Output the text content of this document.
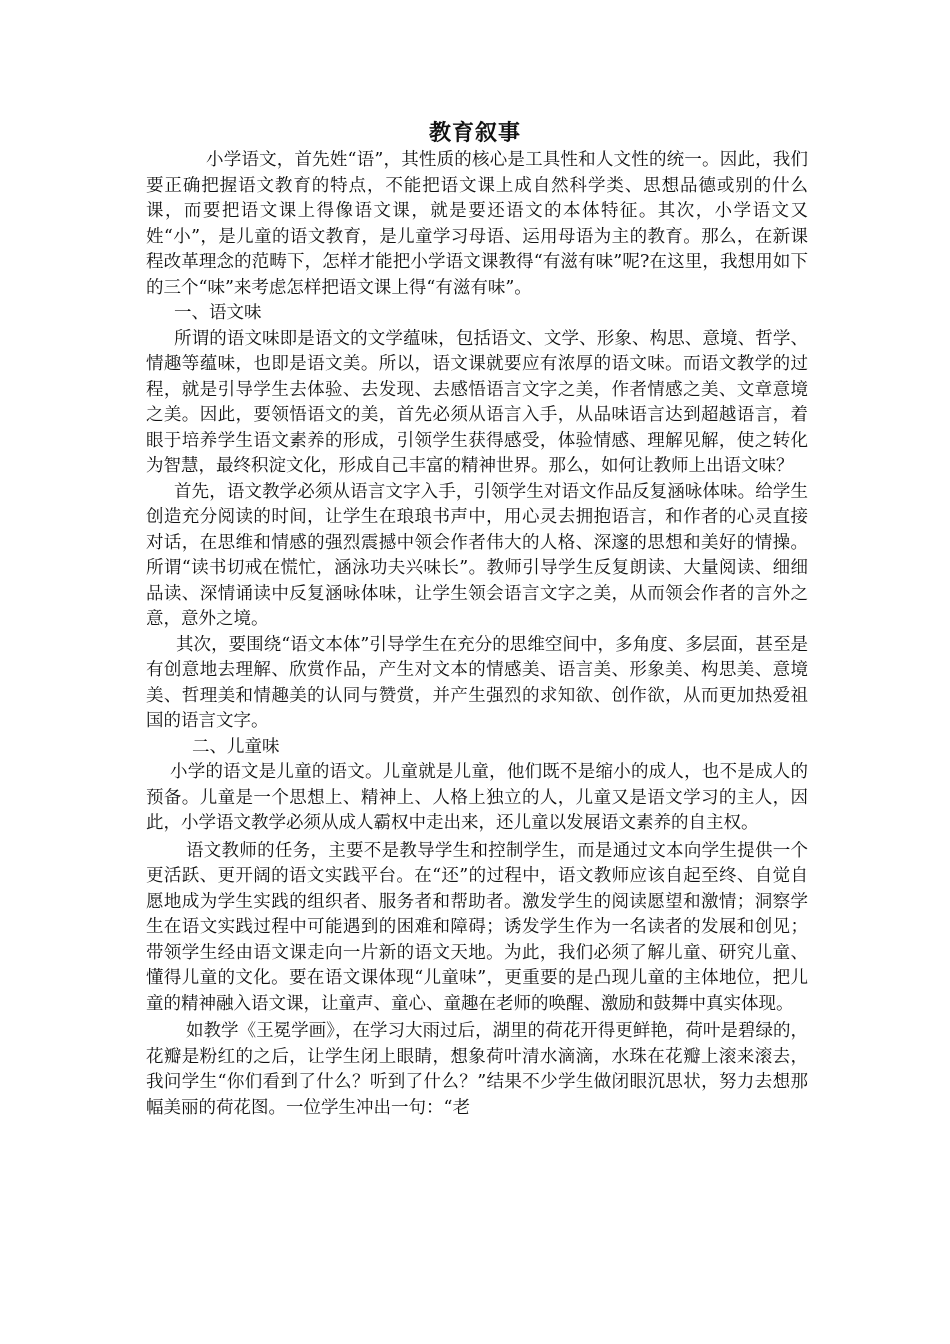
教育叙事

小学语文，首先姓“语”，其性质的核心是工具性和人文性的统一。因此，我们要正确把握语文教育的特点，不能把语文课上成自然科学类、思想品德或别的什么课，而要把语文课上得像语文课，就是要还语文的本体特征。其次，小学语文又姓“小”，是儿童的语文教育，是儿童学习母语、运用母语为主的教育。那么，在新课程改革理念的范畴下，怎样才能把小学语文课教得“有滋有味”呢?在这里，我想用如下的三个“味”来考虑怎样把语文课上得“有滋有味”。

一、语文味

所谓的语文味即是语文的文学蕴味，包括语文、文学、形象、构思、意境、哲学、情趣等蕴味，也即是语文美。所以，语文课就要应有浓厚的语文味。而语文教学的过程，就是引导学生去体验、去发现、去感悟语言文字之美，作者情感之美、文章意境之美。因此，要领悟语文的美，首先必须从语言入手，从品味语言达到超越语言，着眼于培养学生语文素养的形成，引领学生获得感受，体验情感、理解见解，使之转化为智慧，最终积淀文化，形成自己丰富的精神世界。那么，如何让教师上出语文味？

首先，语文教学必须从语言文字入手，引领学生对语文作品反复涵咏体味。给学生创造充分阅读的时间，让学生在琅琅书声中，用心灵去拥抱语言，和作者的心灵直接对话，在思维和情感的强烈震撼中领会作者伟大的人格、深邃的思想和美好的情操。所谓“读书切戒在慌忙，涵泳功夫兴味长”。教师引导学生反复朗读、大量阅读、细细品读、深情诵读中反复涵咏体味，让学生领会语言文字之美，从而领会作者的言外之意，意外之境。

其次，要围绕“语文本体”引导学生在充分的思维空间中，多角度、多层面，甚至是有创意地去理解、欣赏作品，产生对文本的情感美、语言美、形象美、构思美、意境美、哲理美和情趣美的认同与赞赏，并产生强烈的求知欲、创作欲，从而更加热爱祖国的语言文字。

二、儿童味

小学的语文是儿童的语文。儿童就是儿童，他们既不是缩小的成人，也不是成人的预备。儿童是一个思想上、精神上、人格上独立的人，儿童又是语文学习的主人，因此，小学语文教学必须从成人霸权中走出来，还儿童以发展语文素养的自主权。

语文教师的任务，主要不是教导学生和控制学生，而是通过文本向学生提供一个更活跃、更开阔的语文实践平台。在“还”的过程中，语文教师应该自起至终、自觉自愿地成为学生实践的组织者、服务者和帮助者。激发学生的阅读愿望和激情；洞察学生在语文实践过程中可能遇到的困难和障碍；诱发学生作为一名读者的发展和创见；带领学生经由语文课走向一片新的语文天地。为此，我们必须了解儿童、研究儿童、懂得儿童的文化。要在语文课体现“儿童味”，更重要的是凸现儿童的主体地位，把儿童的精神融入语文课，让童声、童心、童趣在老师的唤醒、激励和鼓舞中真实体现。

如教学《王冕学画》，在学习大雨过后，湖里的荷花开得更鲜艳，荷叶是碧绿的，花瓣是粉红的之后，让学生闭上眼睛，想象荷叶清水滴滴，水珠在花瓣上滚来滚去，我问学生“你们看到了什么？听到了什么？”结果不少学生做闭眼沉思状，努力去想那幅美丽的荷花图。一位学生冲出一句：“老
